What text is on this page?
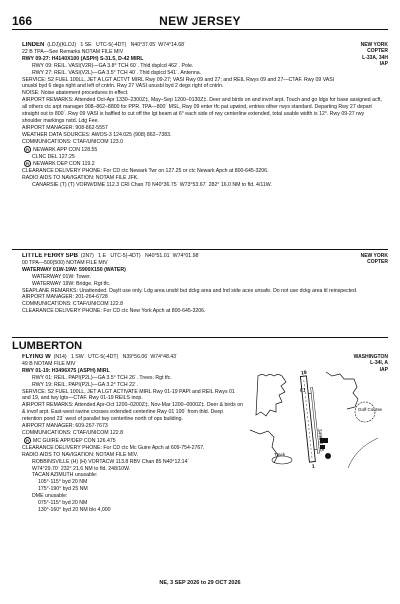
166	NEW JERSEY
NEW YORK
COPTER
L-33A, 34H
IAP
LINDEN (LDJ)(KLDJ) 1 SE UTC-5(-4DT) N40°37.05´ W74°14.68´
22 B TPA—See Remarks NOTAM FILE MIV
RWY 09-27: H4140X100 (ASPH) S-31.5, D-42 MIRL
RWY 09: REIL. VASI(V2R)—GA 3.8° TCH 60´. Thld dsplcd 462´. Pole.
RWY 27: REIL. VASI(V2L)—GA 3.5° TCH 40´. Thld dsplcd 541´. Antenna.
SERVICE: S2 FUEL 100LL, JET A LGT ACTVT MIRL Rwy 09-27; VASI Rwy 09 and 27; and REIL Rwys 09 and 27—CTAF. Rwy 09 VASI unusbl byd 6 degs right and left of cntrln. Rwy 27 VASI unusbl byd 2 degs right of cntrln.
NOISE: Noise abatement procedures in effect.
AIRPORT REMARKS: Attended Oct-Apr 1330–2300Z‡, May–Sep 1200–0130Z‡. Deer and birds on and invof arpt. Touch and go ldgs for base assigned acft, all others ctc arpt manager 908–862–8800 for PPR. TPA—800´ MSL, Rwy 09 enter tfc pat upwind, entries other rwys standard. Departing Rwy 27 depart straight out to 800´. Rwy 09 VASI is baffled to cut off the lgt beam at 6° each side of rwy centerline extended, total usable width is 12°. Rwy 09-27 rwy shoulder markings nstd. Ldg Fee.
AIRPORT MANAGER: 908-862-5557
WEATHER DATA SOURCES: AWOS-3 124.025 (908) 862–7383.
COMMUNICATIONS: CTAF/UNICOM 123.0
R NEWARK APP CON 128.55
CLNC DEL 127.25
R NEWARK DEP CON 119.2
CLEARANCE DELIVERY PHONE: For CD ctc Newark Twr on 127.25 or ctc Newark Apch at 800-645-3206.
RADIO AIDS TO NAVIGATION: NOTAM FILE JFK.
CANARSIE (T) (T) VORW/DME 112.3 CRI Chan 70 N40°36.75´ W73°53.67´ 282° 16.0 NM to fld. 4/11W.
NEW YORK
COPTER
LITTLE FERRY SPB (2N7) 1 E UTC-5(-4DT) N40°51.01´ W74°01.98´
00 TPA—500(500) NOTAM FILE MIV
WATERWAY 01W-19W: 5900X150 (WATER)
WATERWAY 01W: Tower.
WATERWAY 19W: Bridge. Rgt tfc.
SEAPLANE REMARKS: Unattended. Daylt use only. Ldg area unsbl but dckg area and lnd side aces unsafe. Do not use dckg area til reinspected.
AIRPORT MANAGER: 201-264-6728
COMMUNICATIONS: CTAF/UNICOM 122.8
CLEARANCE DELIVERY PHONE: For CD ctc New York Apch at 800-645-3206.
LUMBERTON
WASHINGTON
L-34I, A
IAP
FLYING W (N14) 1 SW UTC-5(-4DT) N39°56.06´ W74°48.43´
49 B NOTAM FILE MIV
RWY 01-19: H3496X75 (ASPH) MIRL
RWY 01: REIL. PAPI(P2L)—GA 3.5° TCH 26´. Trees. Rgt tfc.
RWY 19: REIL. PAPI(P2L)—GA 3.2° TCH 22´.
SERVICE: S2 FUEL 100LL, JET A LGT ACTIVATE MIRL Rwy 01-19 PAPI and REIL Rwys 01 and 19, and twy lgts—CTAF. Rwy 01-19 REILS inop.
AIRPORT REMARKS: Attended Apr-Oct 1200–0200Z‡, Nov-Mar 1200–0000Z‡. Deer & birds on & invof arpt. East-west ravine crosses extended centerline Rwy 01 100´ from thld. Deep retention pond 23´ west of parallel twy centerline north of ops building.
AIRPORT MANAGER: 609-267-7673
COMMUNICATIONS: CTAF/UNICOM 122.8
R MC GUIRE APP/DEP CON 126.475
CLEARANCE DELIVERY PHONE: For CD ctc Mc Guire Apch at 609-754-2767.
RADIO AIDS TO NAVIGATION: NOTAM FILE MIV.
ROBBINSVILLE (H) (H) VORTACW 113.8 RBV Chan 85 N40°12.14´
W74°29.70´ 232° 21.6 NM to fld. 248/10W.
TACAN AZIMUTH unusable:
105°-115° byd 20 NM
175°-190° byd 25 NM
DME unusable:
075°-115° byd 20 NM
130°-160° byd 20 NM blo 4,000
Golf Course
19
1
3496 X
61
Track
NE, 3 SEP 2026 to 29 OCT 2026
